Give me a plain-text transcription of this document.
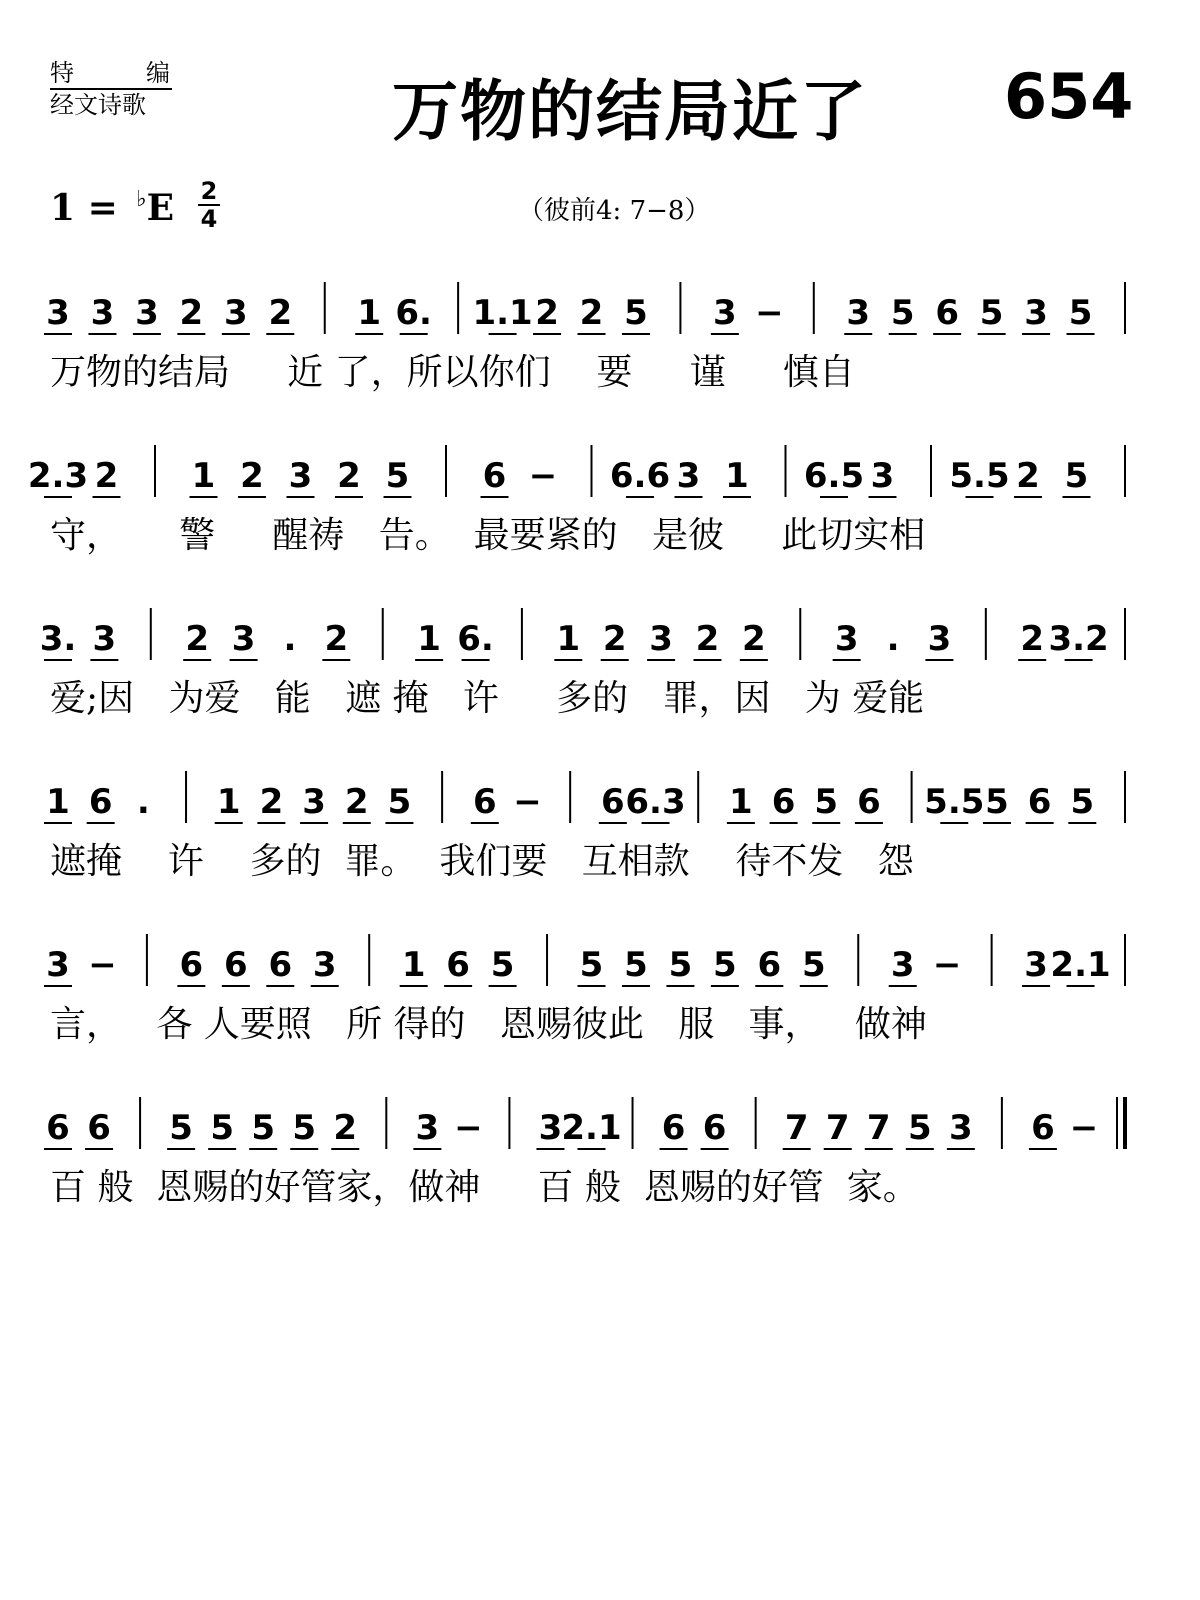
特	编
经文诗歌	万物的结局近了 654
$1 = ^♭E \frac{2}{4}$	（彼前4: 7−8）
3 3 3 2 3 2 1 6. 1.1 2 2 5 3 − 3 5 6 5 3 5
万物的结局     近 了，所以你们    要     谨     慎自
2.3 2 1 2 3 2 5 6 − 6.6 3 1 6.5 3 5.5 2 5
守，     警     醒祷   告。  最要紧的   是彼     此切实相
3. 3 2 3 . 2 1 6. 1 2 3 2 2 3 . 3 2 3.2
爱;因   为爱   能   遮 掩   许     多的   罪，因   为 爱能
1 6 . 1 2 3 2 5 6 − 6 6.3 1 6 5 6 5.5 5 6 5
遮掩    许    多的  罪。  我们要   互相款    待不发   怨
3 − 6 6 6 3 1 6 5 5 5 5 5 6 5 3 − 3 2.1
言，   各 人要照   所 得的   恩赐彼此   服   事，   做神
6 6 5 5 5 5 2 3 − 3 2.1 6 6 7 7 7 5 3 6 −
百 般  恩赐的好管家，做神     百 般  恩赐的好管  家。
